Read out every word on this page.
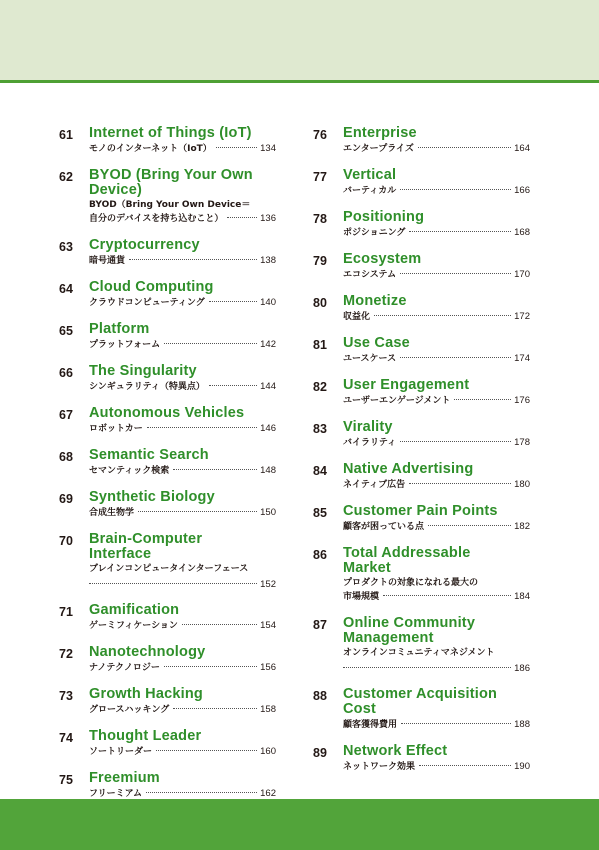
61 Internet of Things (IoT)
モノのインターネット（IoT）	134
62 BYOD (Bring Your Own
Device)
BYOD（Bring Your Own Device＝
自分のデバイスを持ち込むこと）	136
63 Cryptocurrency
暗号通貨	138
64 Cloud Computing
クラウドコンピューティング	140
65 Platform
プラットフォーム	142
66 The Singularity
シンギュラリティ（特異点）	144
67 Autonomous Vehicles
ロボットカー	146
68 Semantic Search
セマンティック検索	148
69 Synthetic Biology
合成生物学	150
70 Brain-Computer
Interface
ブレインコンピュータインターフェース
152
71 Gamification
ゲーミフィケーション	154
72 Nanotechnology
ナノテクノロジー	156
73 Growth Hacking
グロースハッキング	158
74 Thought Leader
ソートリーダー	160
75 Freemium
フリーミアム	162
76 Enterprise
エンタープライズ	164
77 Vertical
バーティカル	166
78 Positioning
ポジショニング	168
79 Ecosystem
エコシステム	170
80 Monetize
収益化	172
81 Use Case
ユースケース	174
82 User Engagement
ユーザーエンゲージメント	176
83 Virality
バイラリティ	178
84 Native Advertising
ネイティブ広告	180
85 Customer Pain Points
顧客が困っている点	182
86 Total Addressable
Market
プロダクトの対象になれる最大の
市場規模	184
87 Online Community
Management
オンラインコミュニティマネジメント
186
88 Customer Acquisition
Cost
顧客獲得費用	188
89 Network Effect
ネットワーク効果	190
